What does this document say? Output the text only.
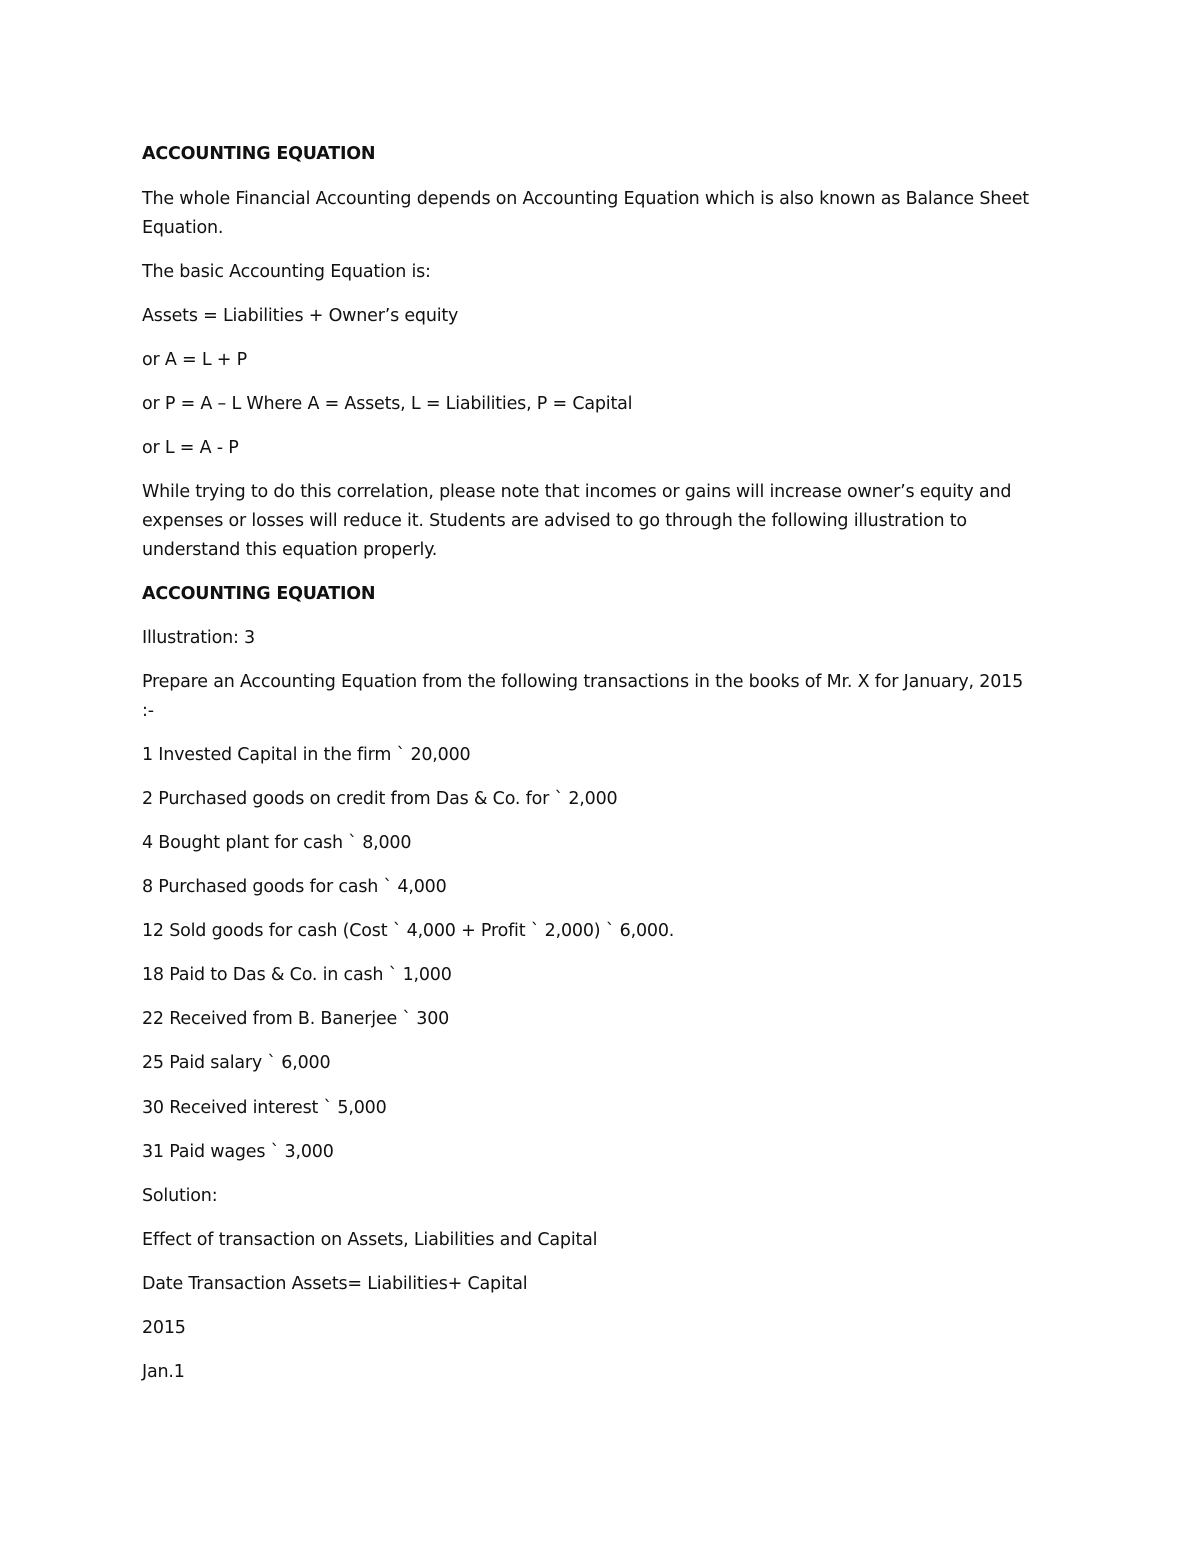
ACCOUNTING EQUATION
The whole Financial Accounting depends on Accounting Equation which is also known as Balance Sheet
Equation.
The basic Accounting Equation is:
Assets = Liabilities + Owner’s equity
or A = L + P
or P = A – L Where A = Assets, L = Liabilities, P = Capital
or L = A - P
While trying to do this correlation, please note that incomes or gains will increase owner’s equity and
expenses or losses will reduce it. Students are advised to go through the following illustration to
understand this equation properly.
ACCOUNTING EQUATION
Illustration: 3
Prepare an Accounting Equation from the following transactions in the books of Mr. X for January, 2015
:-
1 Invested Capital in the firm ` 20,000
2 Purchased goods on credit from Das & Co. for ` 2,000
4 Bought plant for cash ` 8,000
8 Purchased goods for cash ` 4,000
12 Sold goods for cash (Cost ` 4,000 + Profit ` 2,000) ` 6,000.
18 Paid to Das & Co. in cash ` 1,000
22 Received from B. Banerjee ` 300
25 Paid salary ` 6,000
30 Received interest ` 5,000
31 Paid wages ` 3,000
Solution:
Effect of transaction on Assets, Liabilities and Capital
Date Transaction Assets= Liabilities+ Capital
2015
Jan.1
